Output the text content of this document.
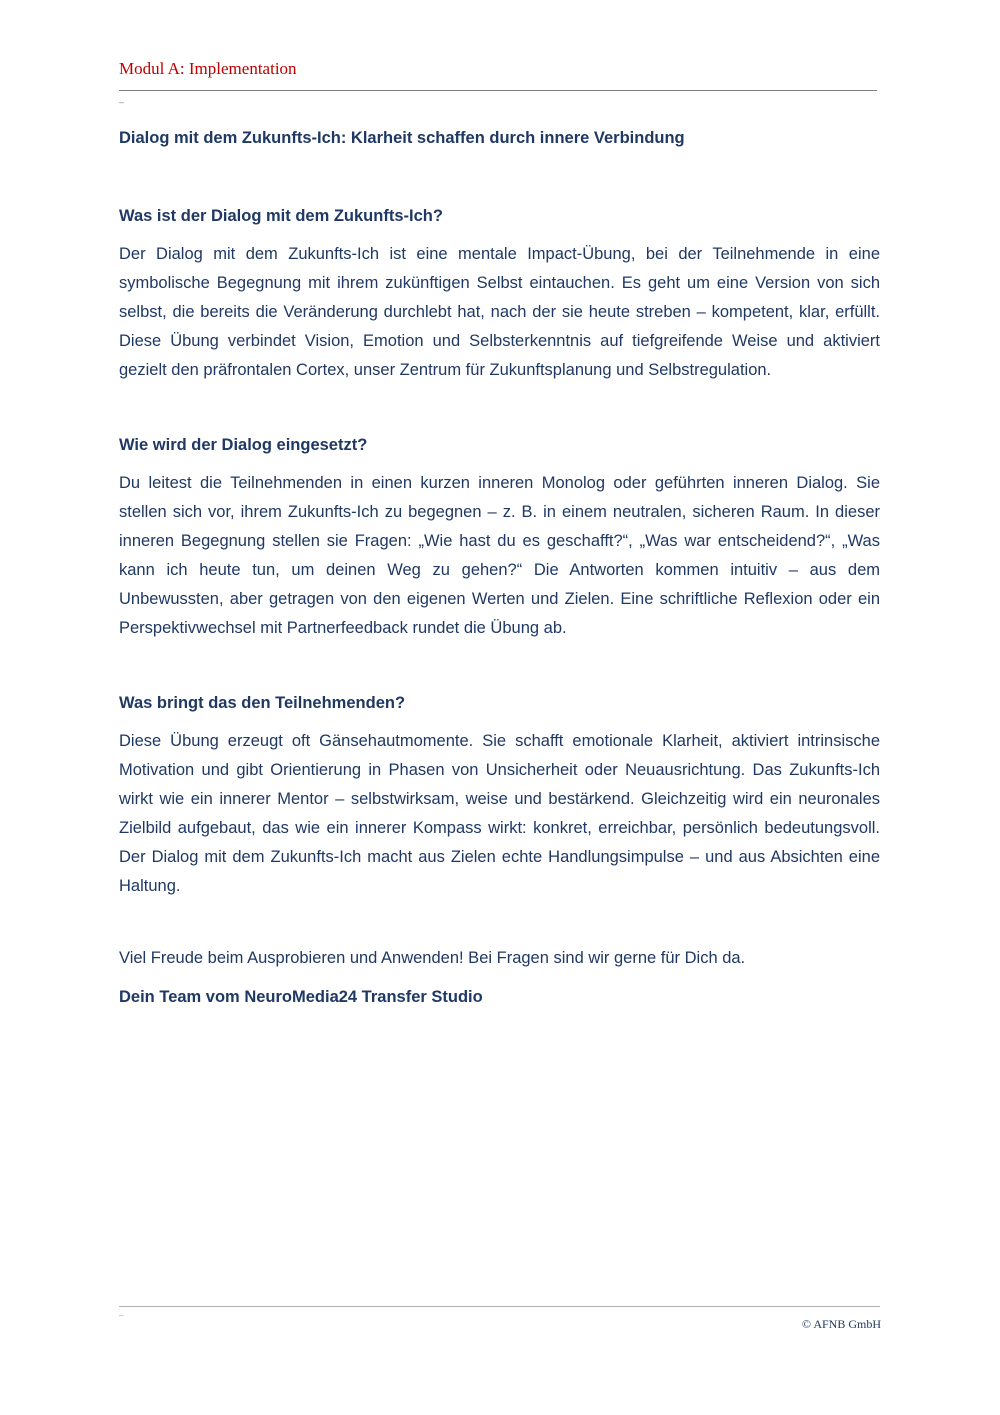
Modul A: Implementation
–

Dialog mit dem Zukunfts-Ich: Klarheit schaffen durch innere Verbindung

Was ist der Dialog mit dem Zukunfts-Ich?

Der Dialog mit dem Zukunfts-Ich ist eine mentale Impact-Übung, bei der Teilnehmende in eine symbolische Begegnung mit ihrem zukünftigen Selbst eintauchen. Es geht um eine Version von sich selbst, die bereits die Veränderung durchlebt hat, nach der sie heute streben – kompetent, klar, erfüllt. Diese Übung verbindet Vision, Emotion und Selbsterkenntnis auf tiefgreifende Weise und aktiviert gezielt den präfrontalen Cortex, unser Zentrum für Zukunftsplanung und Selbstregulation.

Wie wird der Dialog eingesetzt?

Du leitest die Teilnehmenden in einen kurzen inneren Monolog oder geführten inneren Dialog. Sie stellen sich vor, ihrem Zukunfts-Ich zu begegnen – z. B. in einem neutralen, sicheren Raum. In dieser inneren Begegnung stellen sie Fragen: „Wie hast du es geschafft?“, „Was war entscheidend?“, „Was kann ich heute tun, um deinen Weg zu gehen?“ Die Antworten kommen intuitiv – aus dem Unbewussten, aber getragen von den eigenen Werten und Zielen. Eine schriftliche Reflexion oder ein Perspektivwechsel mit Partnerfeedback rundet die Übung ab.

Was bringt das den Teilnehmenden?

Diese Übung erzeugt oft Gänsehautmomente. Sie schafft emotionale Klarheit, aktiviert intrinsische Motivation und gibt Orientierung in Phasen von Unsicherheit oder Neuausrichtung. Das Zukunfts-Ich wirkt wie ein innerer Mentor – selbstwirksam, weise und bestärkend. Gleichzeitig wird ein neuronales Zielbild aufgebaut, das wie ein innerer Kompass wirkt: konkret, erreichbar, persönlich bedeutungsvoll. Der Dialog mit dem Zukunfts-Ich macht aus Zielen echte Handlungsimpulse – und aus Absichten eine Haltung.

Viel Freude beim Ausprobieren und Anwenden! Bei Fragen sind wir gerne für Dich da.

Dein Team vom NeuroMedia24 Transfer Studio

–
© AFNB GmbH
